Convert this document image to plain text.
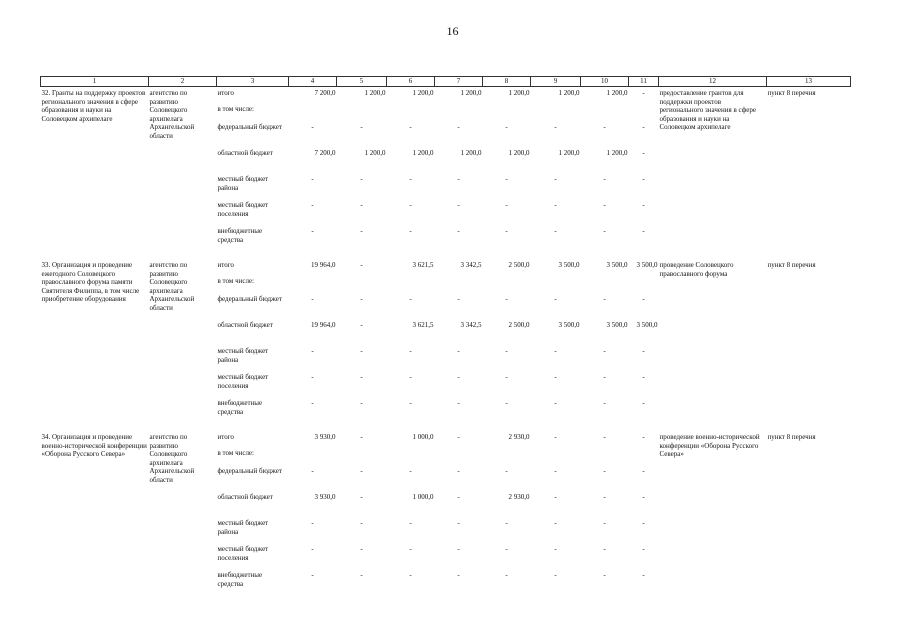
16
1	2	3	4	5	6	7	8	9	10	11	12	13
32. Гранты на поддержку проектов регионального значения в сфере образования и науки на Соловецком архипелаге	агентство по развитию Соловецкого архипелага Архангельской области	итого	7 200,0	1 200,0	1 200,0	1 200,0	1 200,0	1 200,0	1 200,0	-	предоставление грантов для поддержки проектов регионального значения в сфере образования и науки на Соловецком архипелаге	пункт 8 перечня
		в том числе:										
		федеральный бюджет	-	-	-	-	-	-	-	-		
		областной бюджет	7 200,0	1 200,0	1 200,0	1 200,0	1 200,0	1 200,0	1 200,0	-		
		местный бюджет района	-	-	-	-	-	-	-	-		
		местный бюджет поселения	-	-	-	-	-	-	-	-		
		внебюджетные средства	-	-	-	-	-	-	-	-		

33. Организация и проведение ежегодного Соловецкого православного форума памяти Святителя Филиппа, в том числе приобретение оборудования	агентство по развитию Соловецкого архипелага Архангельской области	итого	19 964,0	-	3 621,5	3 342,5	2 500,0	3 500,0	3 500,0	3 500,0	проведение Соловецкого православного форума	пункт 8 перечня
		в том числе:										
		федеральный бюджет	-	-	-	-	-	-	-	-		
		областной бюджет	19 964,0	-	3 621,5	3 342,5	2 500,0	3 500,0	3 500,0	3 500,0		
		местный бюджет района	-	-	-	-	-	-	-	-		
		местный бюджет поселения	-	-	-	-	-	-	-	-		
		внебюджетные средства	-	-	-	-	-	-	-	-		

34. Организация и проведение военно-исторической конференции «Оборона Русского Севера»	агентство по развитию Соловецкого архипелага Архангельской области	итого	3 930,0	-	1 000,0	-	2 930,0	-	-	-	проведение военно-исторической конференции «Оборона Русского Севера»	пункт 8 перечня
		в том числе:										
		федеральный бюджет	-	-	-	-	-	-	-	-		
		областной бюджет	3 930,0	-	1 000,0	-	2 930,0	-	-	-		
		местный бюджет района	-	-	-	-	-	-	-	-		
		местный бюджет поселения	-	-	-	-	-	-	-	-		
		внебюджетные средства	-	-	-	-	-	-	-	-		
